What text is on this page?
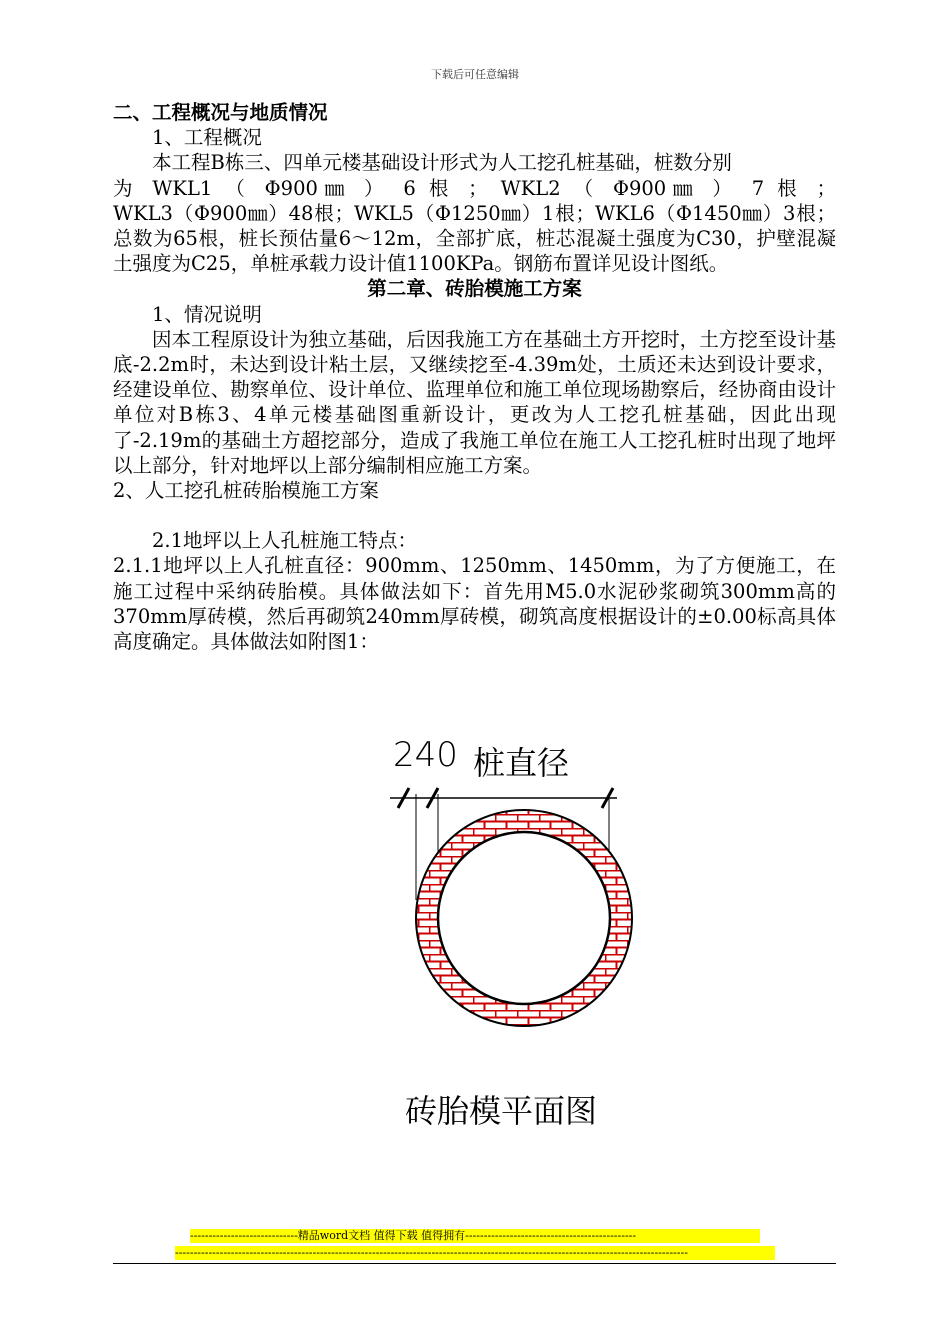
下载后可任意编辑

二、工程概况与地质情况

1、工程概况

本工程B栋三、四单元楼基础设计形式为人工挖孔桩基础，桩数分别

为 WKL1 （ Φ900㎜ ） 6 根 ； WKL2 （ Φ900㎜ ） 7 根 ；

WKL3（Φ900㎜）48根；WKL5（Φ1250㎜）1根；WKL6（Φ1450㎜）3根；总数为65根，桩长预估量6～12m，全部扩底，桩芯混凝土强度为C30，护壁混凝土强度为C25，单桩承载力设计值1100KPa。钢筋布置详见设计图纸。

第二章、砖胎模施工方案

1、情况说明

因本工程原设计为独立基础，后因我施工方在基础土方开挖时，土方挖至设计基底-2.2m时，未达到设计粘土层，又继续挖至-4.39m处，土质还未达到设计要求，经建设单位、勘察单位、设计单位、监理单位和施工单位现场勘察后，经协商由设计单位对B栋3、4单元楼基础图重新设计，更改为人工挖孔桩基础，因此出现了-2.19m的基础土方超挖部分，造成了我施工单位在施工人工挖孔桩时出现了地坪以上部分，针对地坪以上部分编制相应施工方案。

2、人工挖孔桩砖胎模施工方案

2.1地坪以上人孔桩施工特点：

2.1.1地坪以上人孔桩直径：900mm、1250mm、1450mm，为了方便施工，在施工过程中采纳砖胎模。具体做法如下：首先用M5.0水泥砂浆砌筑300mm高的370mm厚砖模，然后再砌筑240mm厚砖模，砌筑高度根据设计的±0.00标高具体高度确定。具体做法如附图1：

240 桩直径
砖胎模平面图
-----------------------------精品word文档 值得下载 值得拥有----------------------------------------------
------------------------------------------------------------------------------------------------------------------------------------------
